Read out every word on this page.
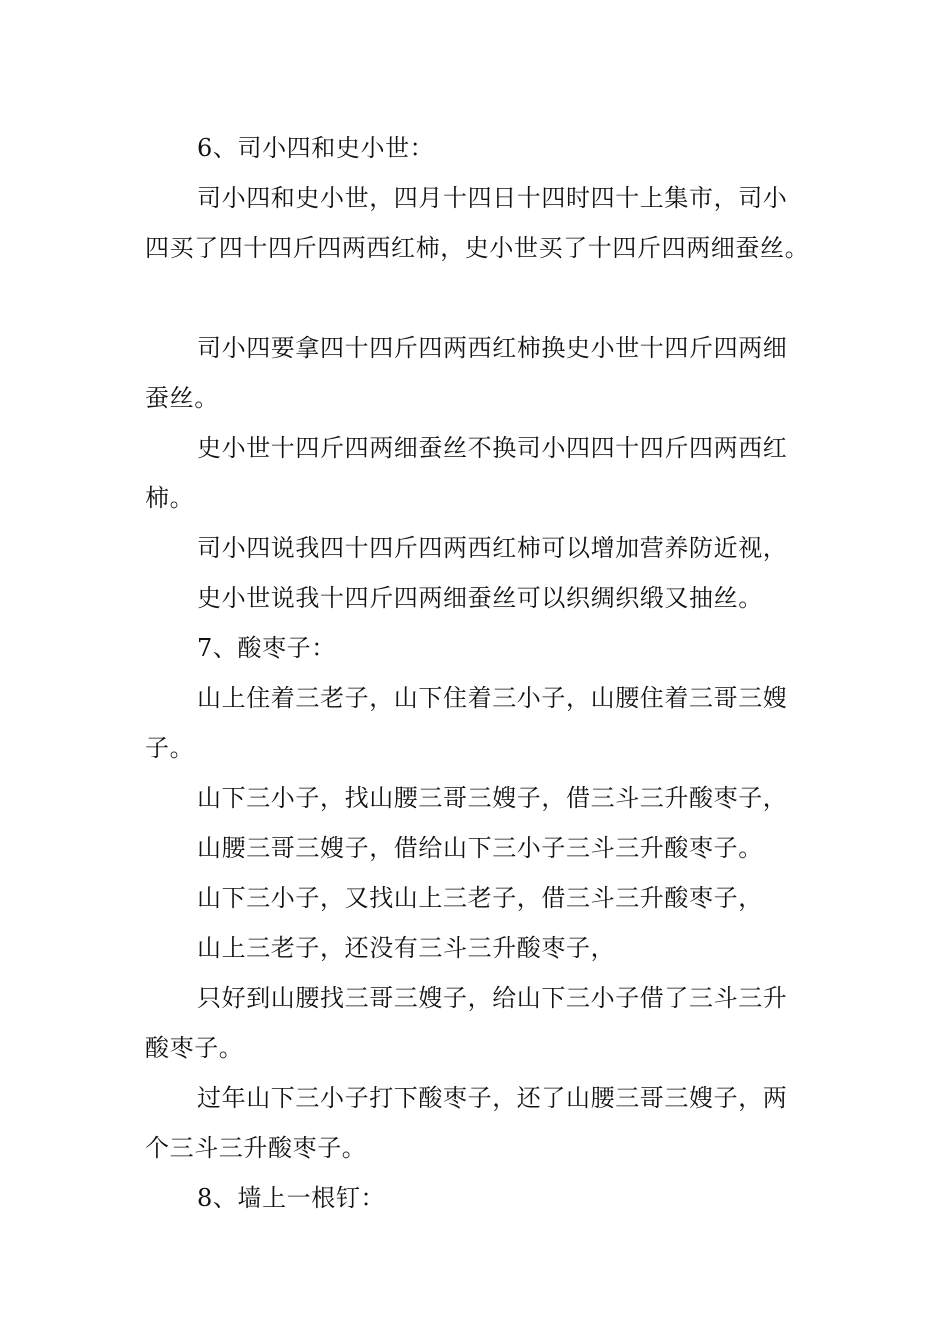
6、司小四和史小世：

司小四和史小世，四月十四日十四时四十上集市，司小四买了四十四斤四两西红柿，史小世买了十四斤四两细蚕丝。

司小四要拿四十四斤四两西红柿换史小世十四斤四两细蚕丝。

史小世十四斤四两细蚕丝不换司小四四十四斤四两西红柿。

司小四说我四十四斤四两西红柿可以增加营养防近视，

史小世说我十四斤四两细蚕丝可以织绸织缎又抽丝。

7、酸枣子：

山上住着三老子，山下住着三小子，山腰住着三哥三嫂子。

山下三小子，找山腰三哥三嫂子，借三斗三升酸枣子，

山腰三哥三嫂子，借给山下三小子三斗三升酸枣子。

山下三小子，又找山上三老子，借三斗三升酸枣子，

山上三老子，还没有三斗三升酸枣子，

只好到山腰找三哥三嫂子，给山下三小子借了三斗三升酸枣子。

过年山下三小子打下酸枣子，还了山腰三哥三嫂子，两个三斗三升酸枣子。

8、墙上一根钉：
